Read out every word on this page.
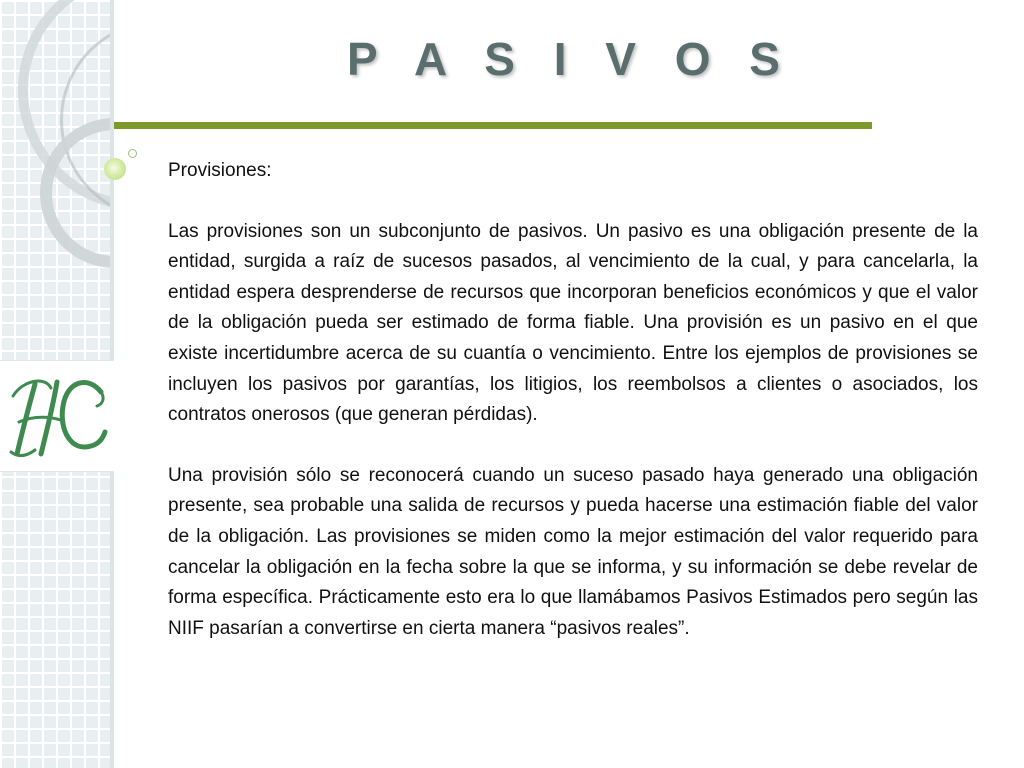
P A S I V O S

Provisiones:

Las provisiones son un subconjunto de pasivos. Un pasivo es una obligación presente de la entidad, surgida a raíz de sucesos pasados, al vencimiento de la cual, y para cancelarla, la entidad espera desprenderse de recursos que incorporan beneficios económicos y que el valor de la obligación pueda ser estimado de forma fiable. Una provisión es un pasivo en el que existe incertidumbre acerca de su cuantía o vencimiento. Entre los ejemplos de provisiones se incluyen los pasivos por garantías, los litigios, los reembolsos a clientes o asociados, los contratos onerosos (que generan pérdidas).

Una provisión sólo se reconocerá cuando un suceso pasado haya generado una obligación presente, sea probable una salida de recursos y pueda hacerse una estimación fiable del valor de la obligación. Las provisiones se miden como la mejor estimación del valor requerido para cancelar la obligación en la fecha sobre la que se informa, y su información se debe revelar de forma específica. Prácticamente esto era lo que llamábamos Pasivos Estimados pero según las NIIF pasarían a convertirse en cierta manera “pasivos reales”.
